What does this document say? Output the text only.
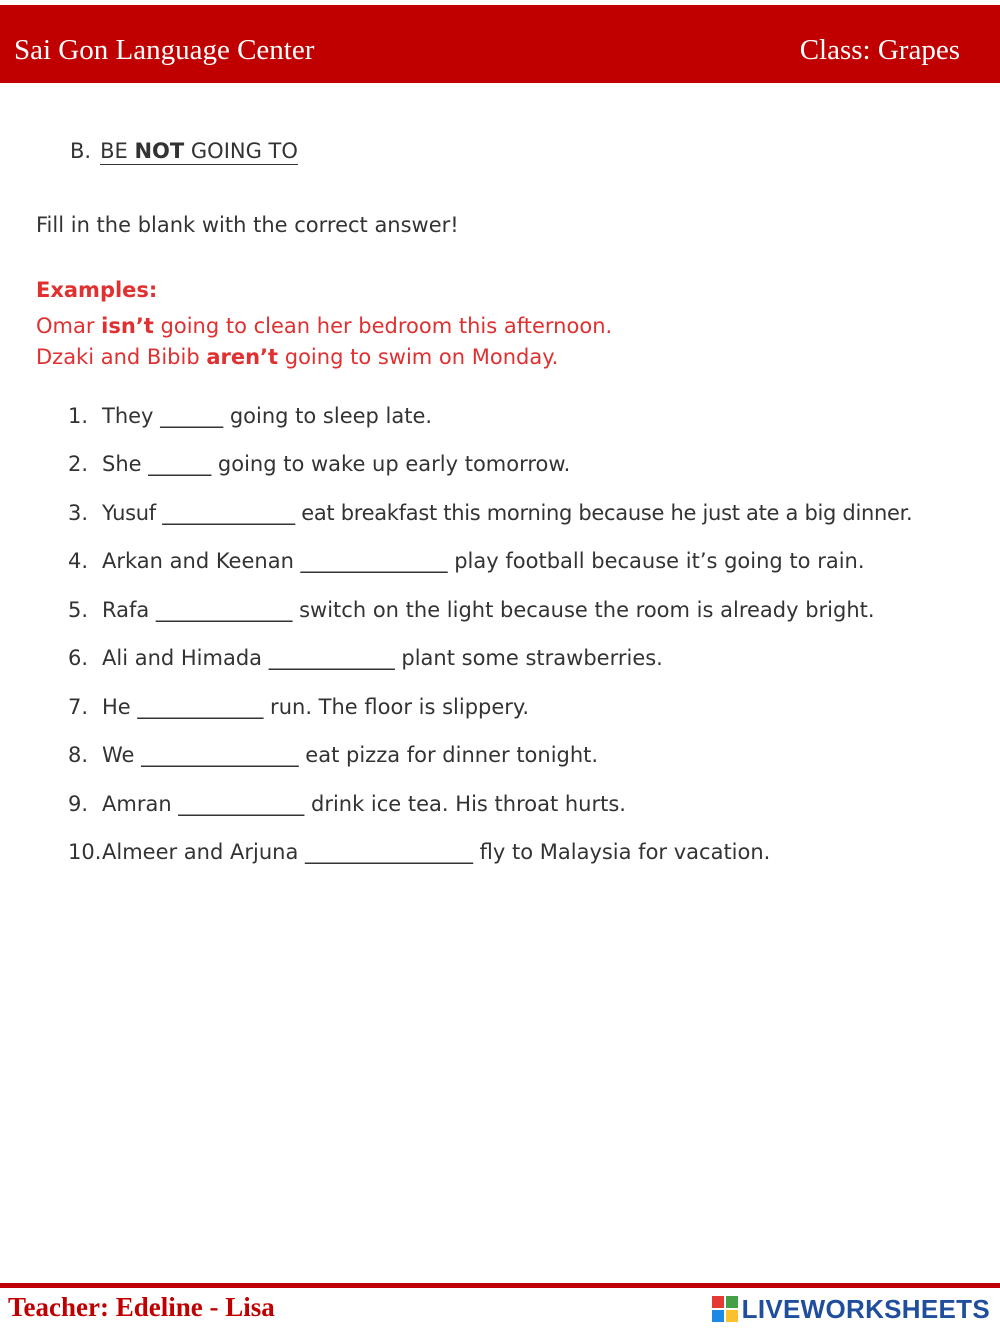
Sai Gon Language Center	Class: Grapes
B. BE NOT GOING TO
Fill in the blank with the correct answer!
Examples:
Omar isn’t going to clean her bedroom this afternoon.
Dzaki and Bibib aren’t going to swim on Monday.
1. They ______ going to sleep late.
2. She ______ going to wake up early tomorrow.
3. Yusuf _____________ eat breakfast this morning because he just ate a big dinner.
4. Arkan and Keenan ______________ play football because it’s going to rain.
5. Rafa _____________ switch on the light because the room is already bright.
6. Ali and Himada ____________ plant some strawberries.
7. He ____________ run. The floor is slippery.
8. We _______________ eat pizza for dinner tonight.
9. Amran ____________ drink ice tea. His throat hurts.
10.Almeer and Arjuna ________________ fly to Malaysia for vacation.
Teacher: Edeline - Lisa	LIVEWORKSHEETS
